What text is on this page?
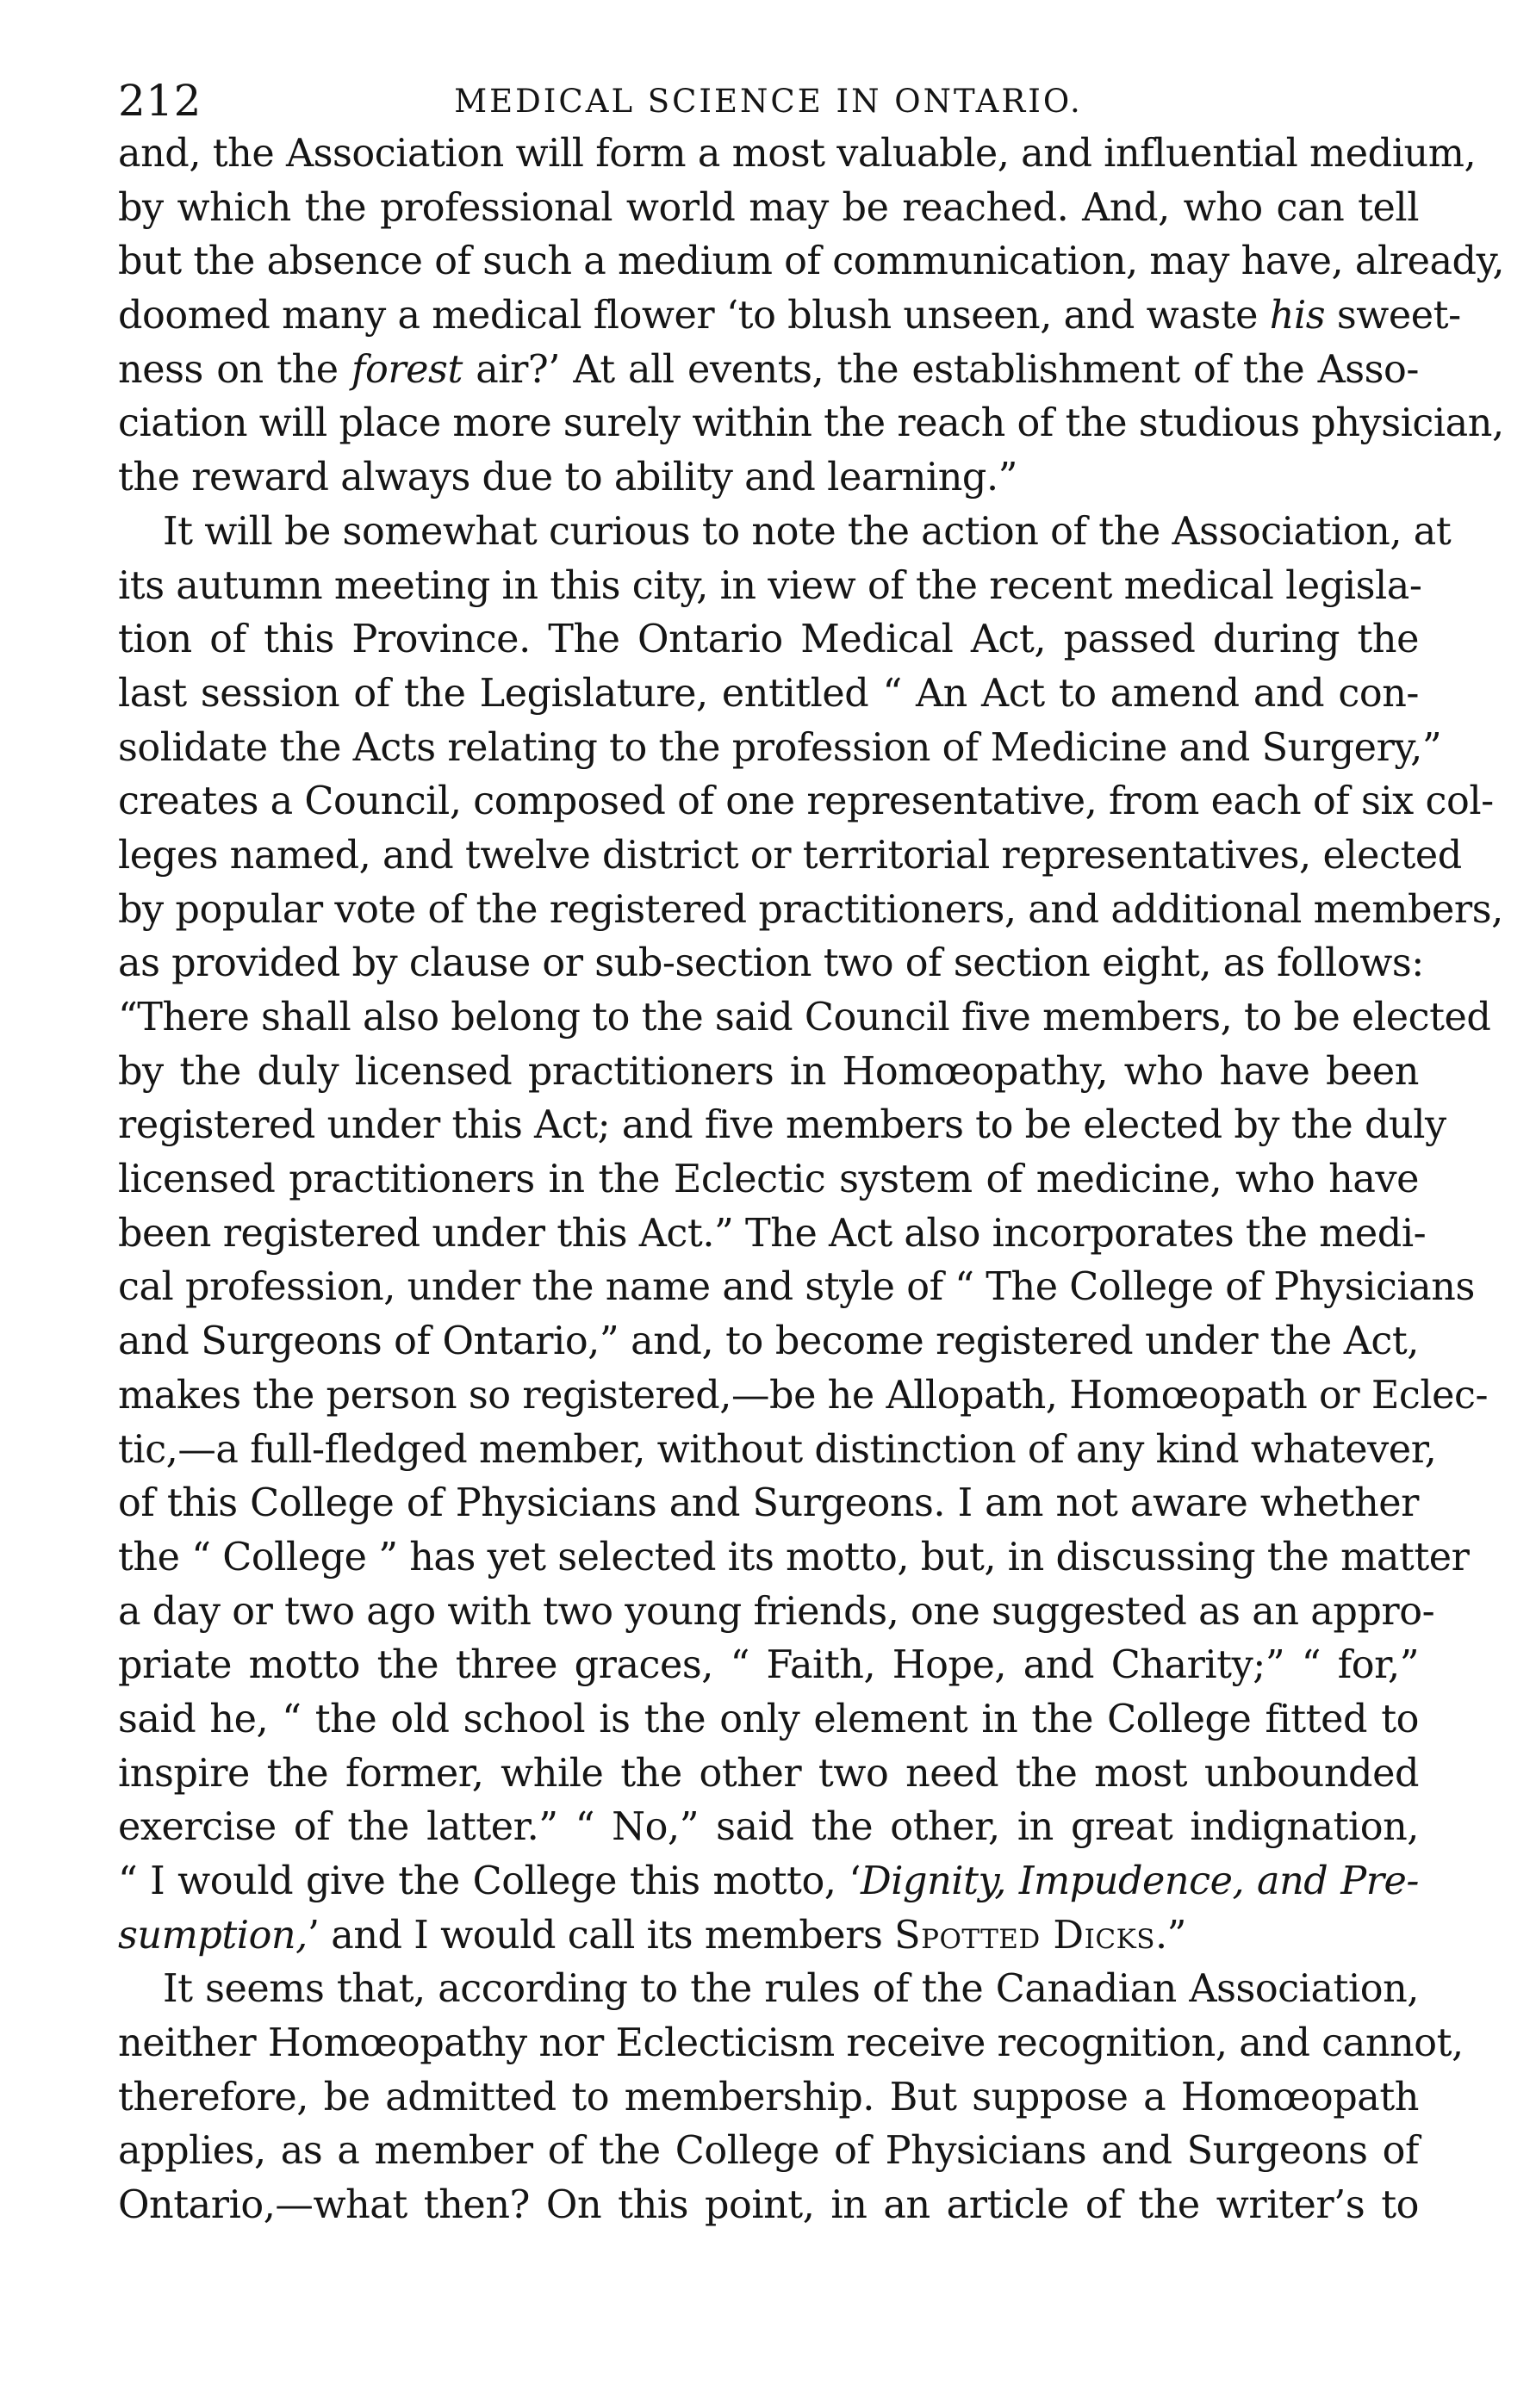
212	MEDICAL SCIENCE IN ONTARIO.
and, the Association will form a most valuable, and influential medium,
by which the professional world may be reached. And, who can tell
but the absence of such a medium of communication, may have, already,
doomed many a medical flower ‘to blush unseen, and waste his sweet-
ness on the forest air?’ At all events, the establishment of the Asso-
ciation will place more surely within the reach of the studious physician,
the reward always due to ability and learning.”
It will be somewhat curious to note the action of the Association, at
its autumn meeting in this city, in view of the recent medical legisla-
tion of this Province. The Ontario Medical Act, passed during the
last session of the Legislature, entitled “ An Act to amend and con-
solidate the Acts relating to the profession of Medicine and Surgery,”
creates a Council, composed of one representative, from each of six col-
leges named, and twelve district or territorial representatives, elected
by popular vote of the registered practitioners, and additional members,
as provided by clause or sub-section two of section eight, as follows:
“There shall also belong to the said Council five members, to be elected
by the duly licensed practitioners in Homœopathy, who have been
registered under this Act; and five members to be elected by the duly
licensed practitioners in the Eclectic system of medicine, who have
been registered under this Act.” The Act also incorporates the medi-
cal profession, under the name and style of “ The College of Physicians
and Surgeons of Ontario,” and, to become registered under the Act,
makes the person so registered,—be he Allopath, Homœopath or Eclec-
tic,—a full-fledged member, without distinction of any kind whatever,
of this College of Physicians and Surgeons. I am not aware whether
the “ College ” has yet selected its motto, but, in discussing the matter
a day or two ago with two young friends, one suggested as an appro-
priate motto the three graces, “ Faith, Hope, and Charity;” “ for,”
said he, “ the old school is the only element in the College fitted to
inspire the former, while the other two need the most unbounded
exercise of the latter.” “ No,” said the other, in great indignation,
“ I would give the College this motto, ‘Dignity, Impudence, and Pre-
sumption,’ and I would call its members Spotted Dicks.”
It seems that, according to the rules of the Canadian Association,
neither Homœopathy nor Eclecticism receive recognition, and cannot,
therefore, be admitted to membership. But suppose a Homœopath
applies, as a member of the College of Physicians and Surgeons of
Ontario,—what then? On this point, in an article of the writer’s to
